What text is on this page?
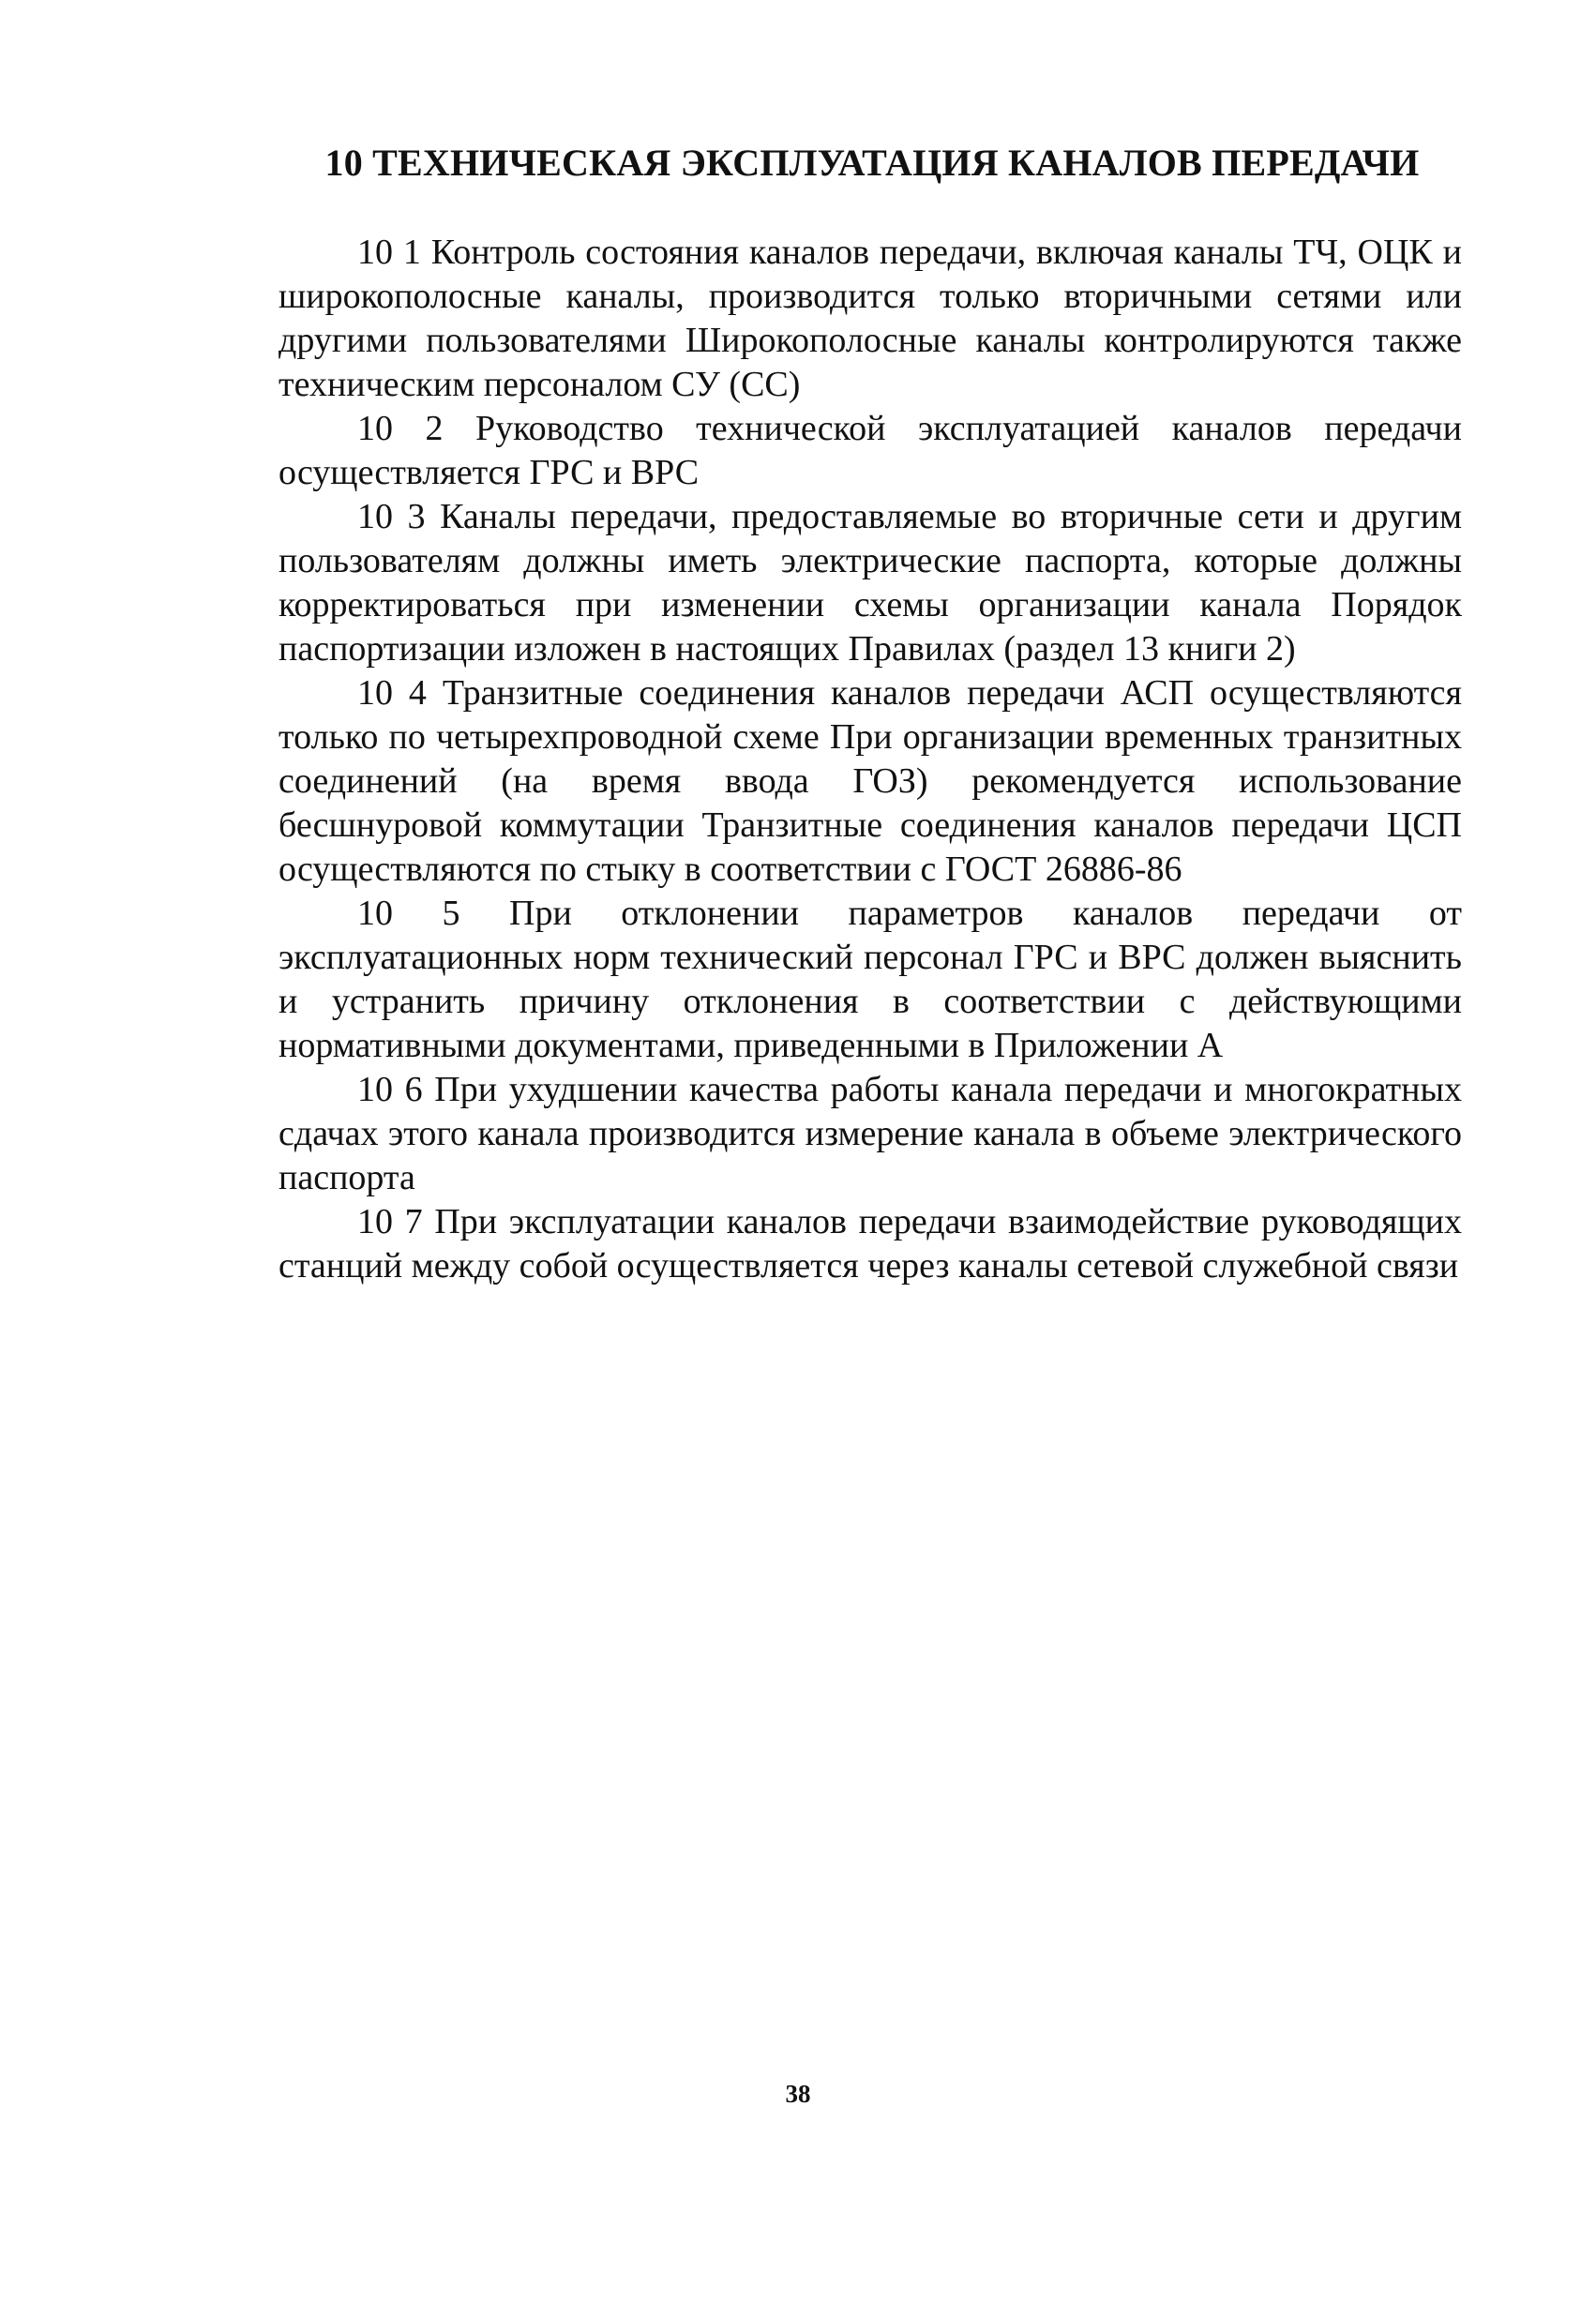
10 ТЕХНИЧЕСКАЯ ЭКСПЛУАТАЦИЯ КАНАЛОВ ПЕРЕДАЧИ

10 1 Контроль состояния каналов передачи, включая каналы ТЧ, ОЦК и широкополосные каналы, производится только вторичными сетями или другими пользователями Широкополосные каналы контролируются также техническим персоналом СУ (СС)

10 2 Руководство технической эксплуатацией каналов передачи осуществляется ГРС и ВРС

10 3 Каналы передачи, предоставляемые во вторичные сети и другим пользователям должны иметь электрические паспорта, которые должны корректироваться при изменении схемы организации канала Порядок паспортизации изложен в настоящих Правилах (раздел 13 книги 2)

10 4 Транзитные соединения каналов передачи АСП осуществляются только по четырехпроводной схеме При организации временных транзитных соединений (на время ввода ГОЗ) рекомендуется использование бесшнуровой коммутации Транзитные соединения каналов передачи ЦСП осуществляются по стыку в соответствии с ГОСТ 26886-86

10 5 При отклонении параметров каналов передачи от эксплуатационных норм технический персонал ГРС и ВРС должен выяснить и устранить причину отклонения в соответствии с действующими нормативными документами, приведенными в Приложении А

10 6 При ухудшении качества работы канала передачи и многократных сдачах этого канала производится измерение канала в объеме электрического паспорта

10 7 При эксплуатации каналов передачи взаимодействие руководящих станций между собой осуществляется через каналы сетевой служебной связи

38
